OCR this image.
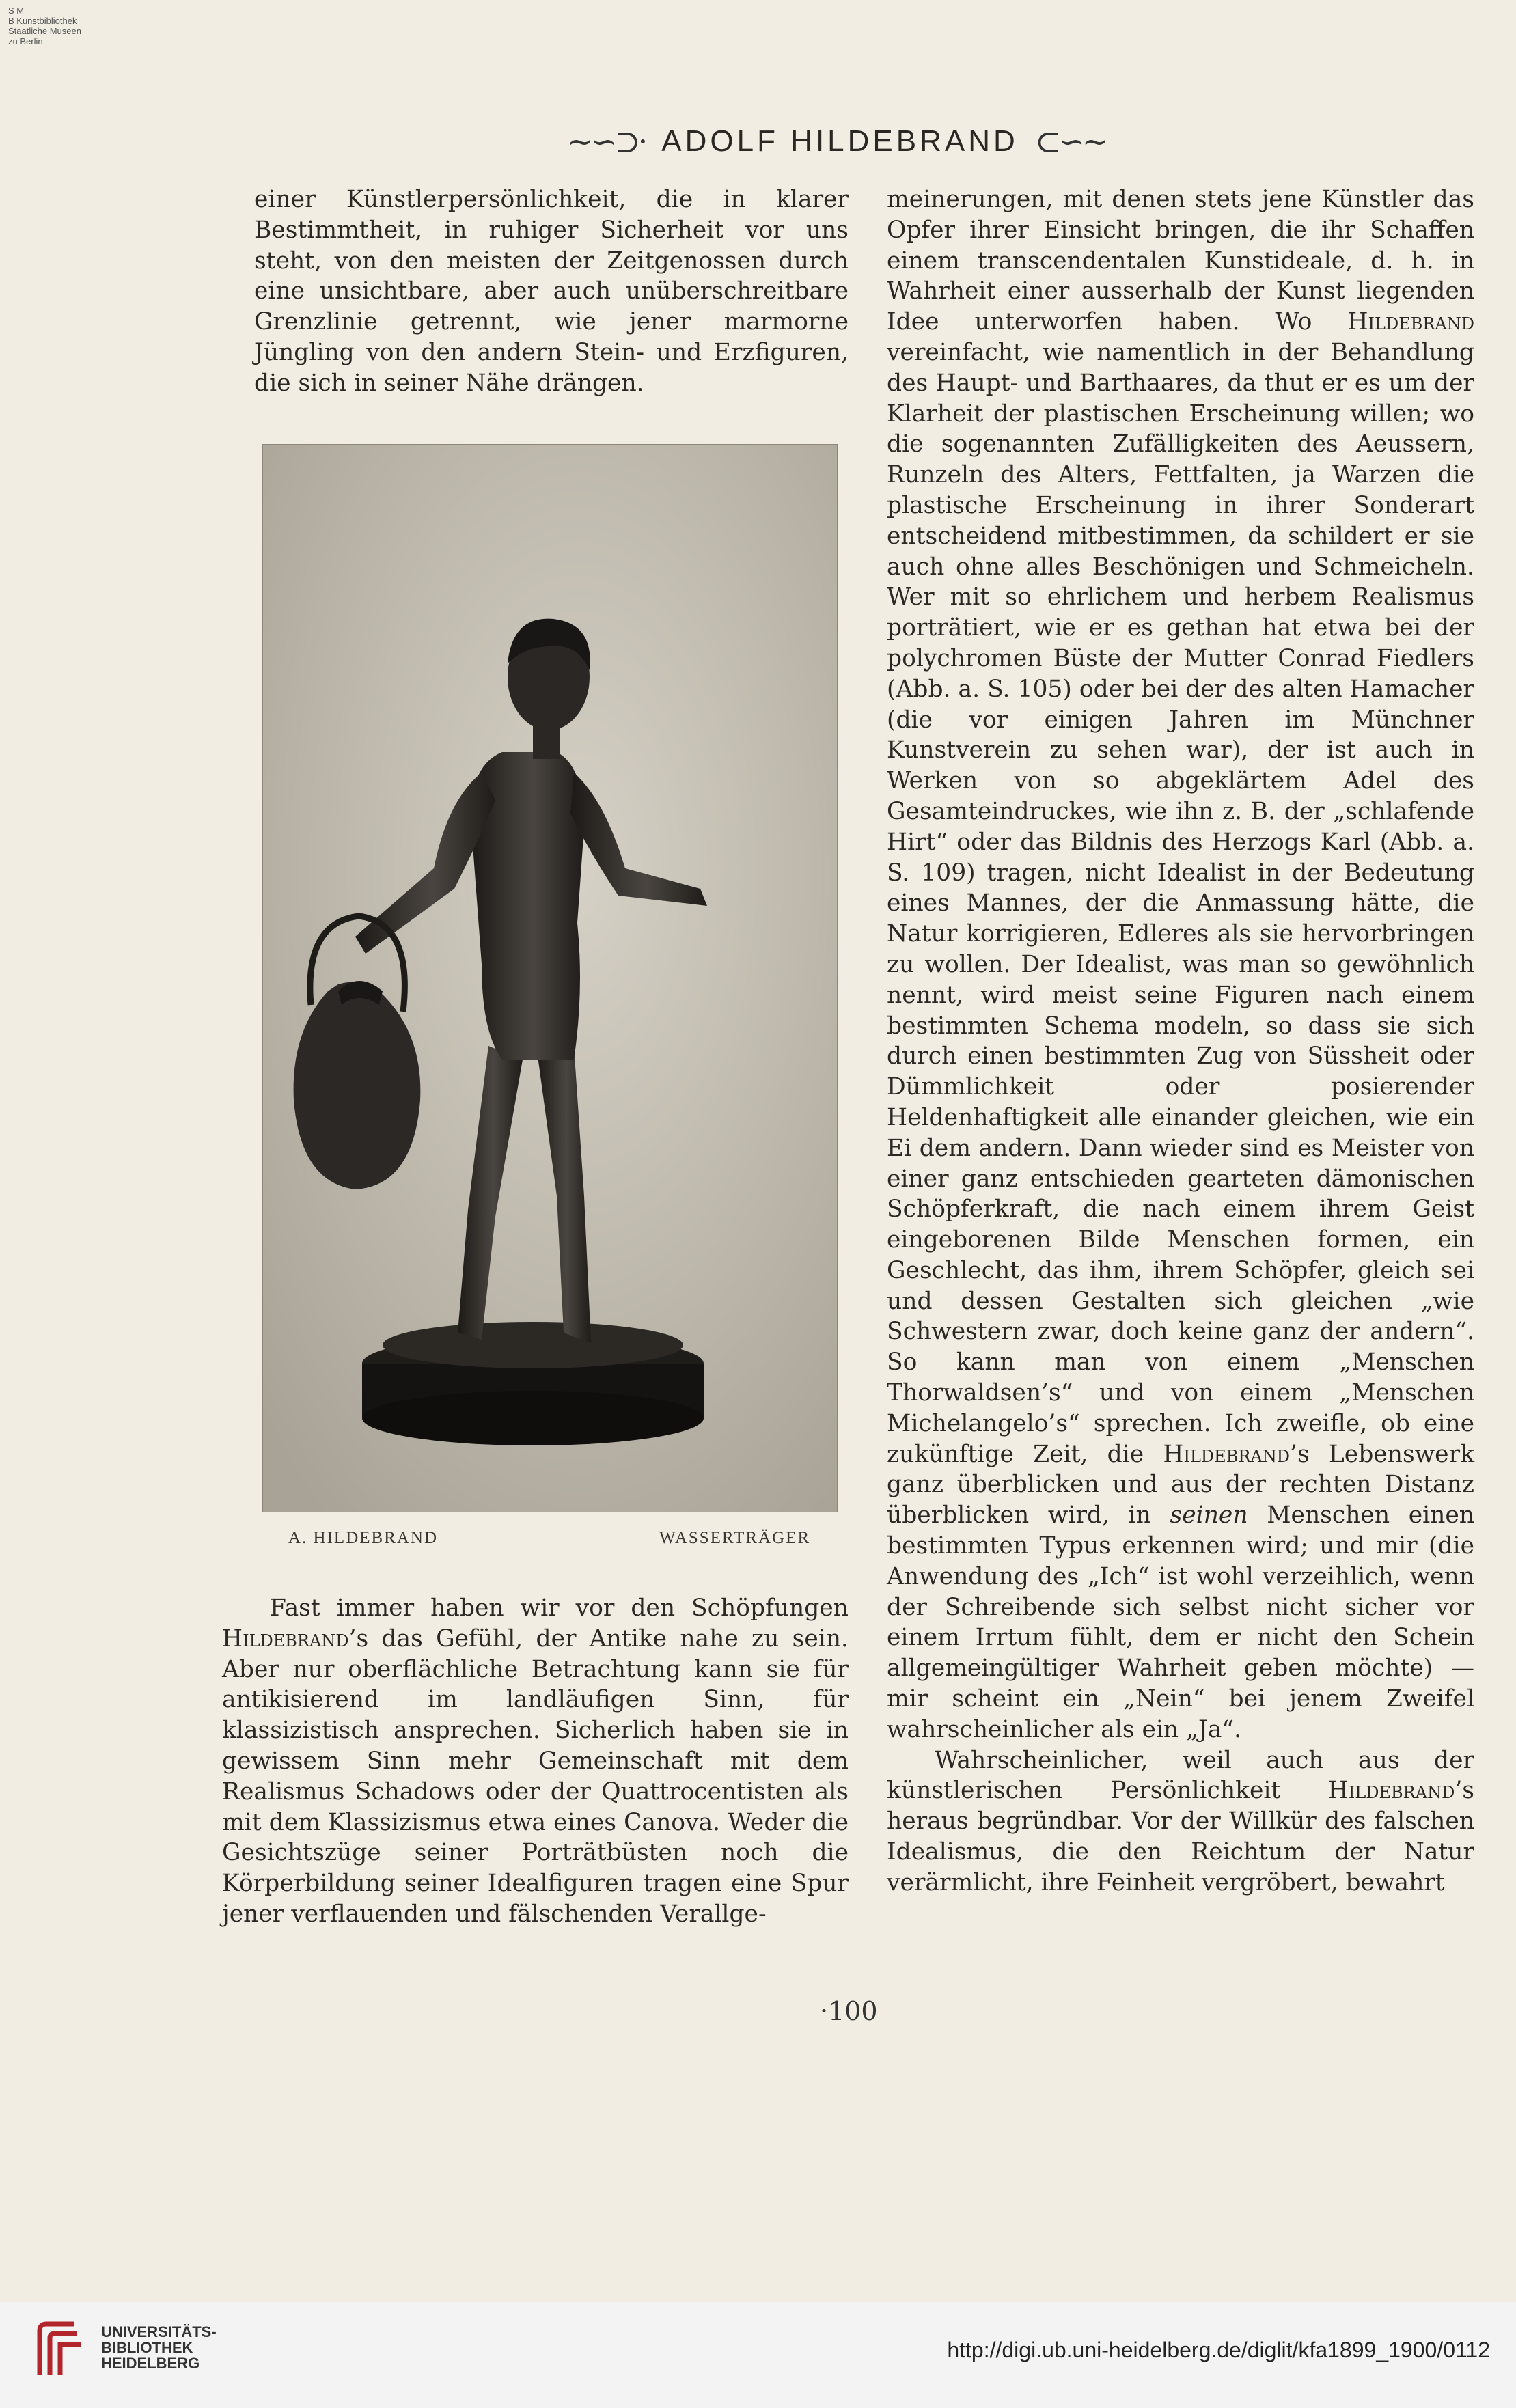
S M
B Kunstbibliothek
Staatliche Museen
zu Berlin
~∽⊃· ADOLF HILDEBRAND ⊂∽~

einer Künstlerpersönlichkeit, die in klarer Bestimmtheit, in ruhiger Sicherheit vor uns steht, von den meisten der Zeitgenossen durch eine unsichtbare, aber auch unüberschreitbare Grenzlinie getrennt, wie jener marmorne Jüngling von den andern Stein- und Erzfiguren, die sich in seiner Nähe drängen.

A. HILDEBRAND	WASSERTRÄGER

Fast immer haben wir vor den Schöpfungen Hildebrand’s das Gefühl, der Antike nahe zu sein. Aber nur oberflächliche Betrachtung kann sie für antikisierend im landläufigen Sinn, für klassizistisch ansprechen. Sicherlich haben sie in gewissem Sinn mehr Gemeinschaft mit dem Realismus Schadows oder der Quattrocentisten als mit dem Klassizismus etwa eines Canova. Weder die Gesichtszüge seiner Porträtbüsten noch die Körperbildung seiner Idealfiguren tragen eine Spur jener verflauenden und fälschenden Verallge-

meinerungen, mit denen stets jene Künstler das Opfer ihrer Einsicht bringen, die ihr Schaffen einem transcendentalen Kunstideale, d. h. in Wahrheit einer ausserhalb der Kunst liegenden Idee unterworfen haben. Wo Hildebrand vereinfacht, wie namentlich in der Behandlung des Haupt- und Barthaares, da thut er es um der Klarheit der plastischen Erscheinung willen; wo die sogenannten Zufälligkeiten des Aeussern, Runzeln des Alters, Fettfalten, ja Warzen die plastische Erscheinung in ihrer Sonderart entscheidend mitbestimmen, da schildert er sie auch ohne alles Beschönigen und Schmeicheln. Wer mit so ehrlichem und herbem Realismus porträtiert, wie er es gethan hat etwa bei der polychromen Büste der Mutter Conrad Fiedlers (Abb. a. S. 105) oder bei der des alten Hamacher (die vor einigen Jahren im Münchner Kunstverein zu sehen war), der ist auch in Werken von so abgeklärtem Adel des Gesamteindruckes, wie ihn z. B. der „schlafende Hirt“ oder das Bildnis des Herzogs Karl (Abb. a. S. 109) tragen, nicht Idealist in der Bedeutung eines Mannes, der die Anmassung hätte, die Natur korrigieren, Edleres als sie hervorbringen zu wollen. Der Idealist, was man so gewöhnlich nennt, wird meist seine Figuren nach einem bestimmten Schema modeln, so dass sie sich durch einen bestimmten Zug von Süssheit oder Dümmlichkeit oder posierender Heldenhaftigkeit alle einander gleichen, wie ein Ei dem andern. Dann wieder sind es Meister von einer ganz entschieden gearteten dämonischen Schöpferkraft, die nach einem ihrem Geist eingeborenen Bilde Menschen formen, ein Geschlecht, das ihm, ihrem Schöpfer, gleich sei und dessen Gestalten sich gleichen „wie Schwestern zwar, doch keine ganz der andern“. So kann man von einem „Menschen Thorwaldsen’s“ und von einem „Menschen Michelangelo’s“ sprechen. Ich zweifle, ob eine zukünftige Zeit, die Hildebrand’s Lebenswerk ganz überblicken und aus der rechten Distanz überblicken wird, in seinen Menschen einen bestimmten Typus erkennen wird; und mir (die Anwendung des „Ich“ ist wohl verzeihlich, wenn der Schreibende sich selbst nicht sicher vor einem Irrtum fühlt, dem er nicht den Schein allgemeingültiger Wahrheit geben möchte) — mir scheint ein „Nein“ bei jenem Zweifel wahrscheinlicher als ein „Ja“.

Wahrscheinlicher, weil auch aus der künstlerischen Persönlichkeit Hildebrand’s heraus begründbar. Vor der Willkür des falschen Idealismus, die den Reichtum der Natur verärmlicht, ihre Feinheit vergröbert, bewahrt

·100
UNIVERSITÄTS-
BIBLIOTHEK
HEIDELBERG
http://digi.ub.uni-heidelberg.de/diglit/kfa1899_1900/0112
